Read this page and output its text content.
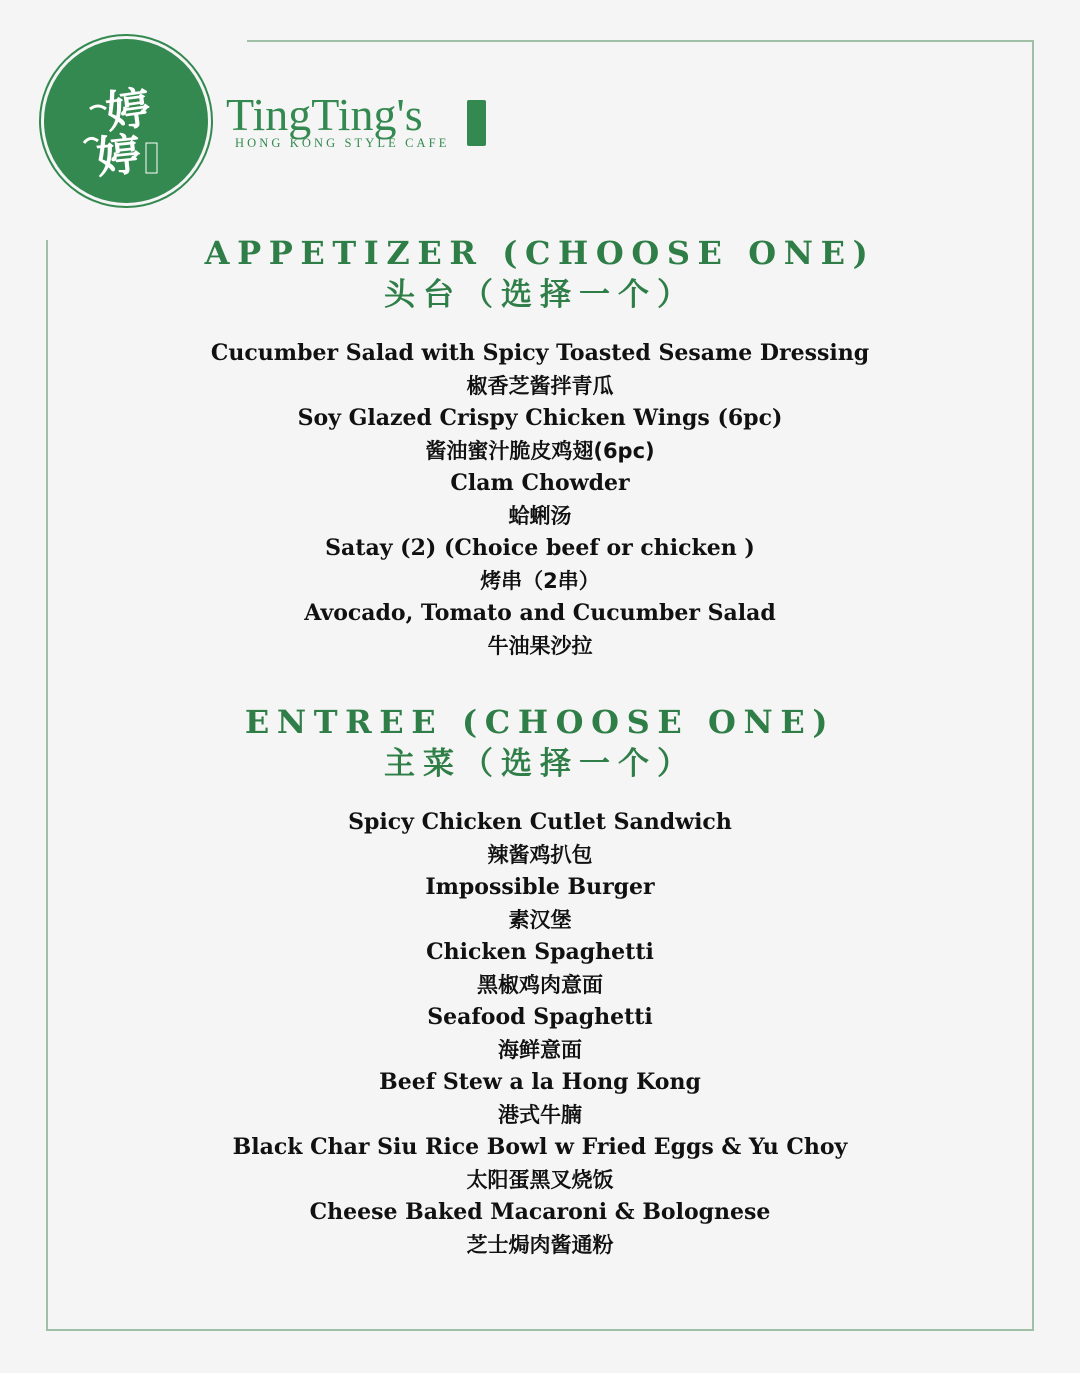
婷
婷
TingTing's
HONG KONG STYLE CAFE
APPETIZER (CHOOSE ONE)
头台（选择一个）
Cucumber Salad with Spicy Toasted Sesame Dressing
椒香芝酱拌青瓜
Soy Glazed Crispy Chicken Wings (6pc)
酱油蜜汁脆皮鸡翅(6pc)
Clam Chowder
蛤蜊汤
Satay (2) (Choice beef or chicken )
烤串（2串）
Avocado, Tomato and Cucumber Salad
牛油果沙拉
ENTREE (CHOOSE ONE)
主菜（选择一个）
Spicy Chicken Cutlet Sandwich
辣酱鸡扒包
Impossible Burger
素汉堡
Chicken Spaghetti
黑椒鸡肉意面
Seafood Spaghetti
海鲜意面
Beef Stew a la Hong Kong
港式牛腩
Black Char Siu Rice Bowl w Fried Eggs & Yu Choy
太阳蛋黑叉烧饭
Cheese Baked Macaroni & Bolognese
芝士焗肉酱通粉
